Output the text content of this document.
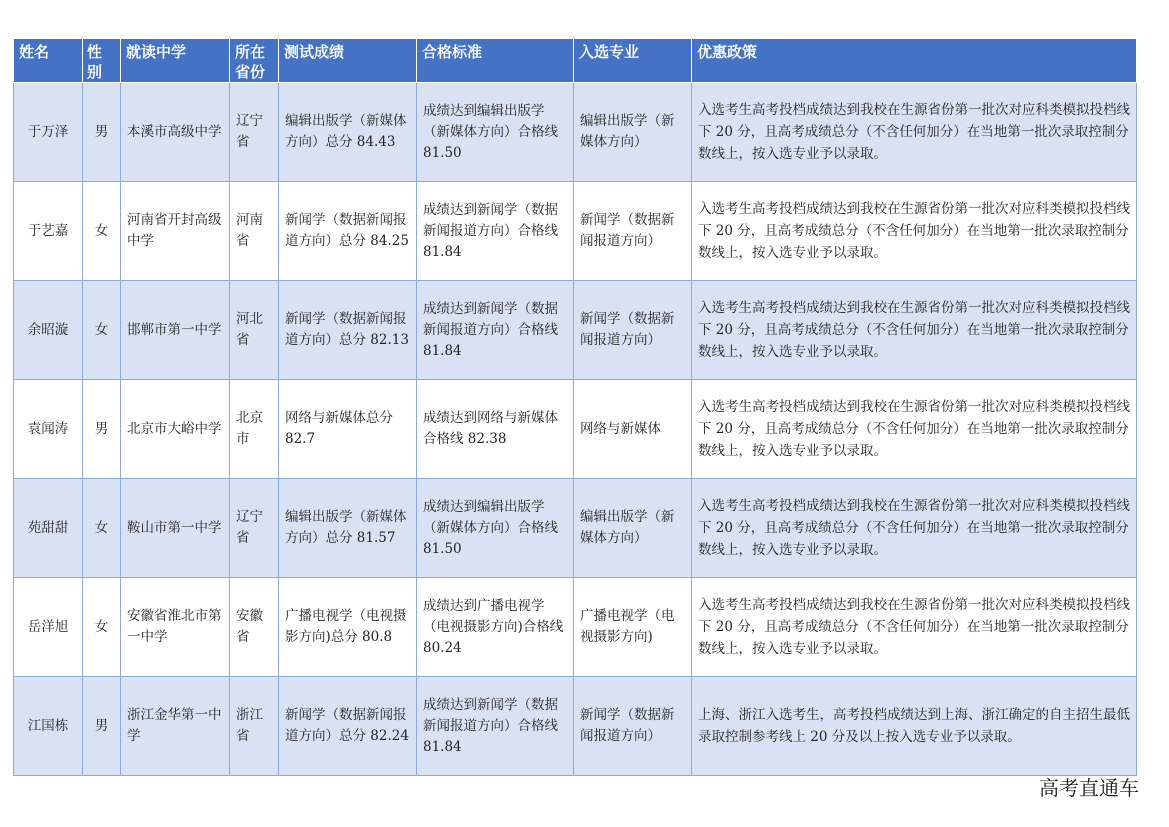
姓名	性别	就读中学	所在省份	测试成绩	合格标准	入选专业	优惠政策
于万泽	男	本溪市高级中学	辽宁省	编辑出版学（新媒体方向）总分 84.43	成绩达到编辑出版学（新媒体方向）合格线 81.50	编辑出版学（新媒体方向）	入选考生高考投档成绩达到我校在生源省份第一批次对应科类模拟投档线下 20 分，且高考成绩总分（不含任何加分）在当地第一批次录取控制分数线上，按入选专业予以录取。
于艺嘉	女	河南省开封高级中学	河南省	新闻学（数据新闻报道方向）总分 84.25	成绩达到新闻学（数据新闻报道方向）合格线 81.84	新闻学（数据新闻报道方向）	入选考生高考投档成绩达到我校在生源省份第一批次对应科类模拟投档线下 20 分，且高考成绩总分（不含任何加分）在当地第一批次录取控制分数线上，按入选专业予以录取。
余昭漩	女	邯郸市第一中学	河北省	新闻学（数据新闻报道方向）总分 82.13	成绩达到新闻学（数据新闻报道方向）合格线 81.84	新闻学（数据新闻报道方向）	入选考生高考投档成绩达到我校在生源省份第一批次对应科类模拟投档线下 20 分，且高考成绩总分（不含任何加分）在当地第一批次录取控制分数线上，按入选专业予以录取。
袁闻涛	男	北京市大峪中学	北京市	网络与新媒体总分 82.7	成绩达到网络与新媒体合格线 82.38	网络与新媒体	入选考生高考投档成绩达到我校在生源省份第一批次对应科类模拟投档线下 20 分，且高考成绩总分（不含任何加分）在当地第一批次录取控制分数线上，按入选专业予以录取。
苑甜甜	女	鞍山市第一中学	辽宁省	编辑出版学（新媒体方向）总分 81.57	成绩达到编辑出版学（新媒体方向）合格线 81.50	编辑出版学（新媒体方向）	入选考生高考投档成绩达到我校在生源省份第一批次对应科类模拟投档线下 20 分，且高考成绩总分（不含任何加分）在当地第一批次录取控制分数线上，按入选专业予以录取。
岳洋旭	女	安徽省淮北市第一中学	安徽省	广播电视学（电视摄影方向)总分 80.8	成绩达到广播电视学（电视摄影方向)合格线 80.24	广播电视学（电视摄影方向)	入选考生高考投档成绩达到我校在生源省份第一批次对应科类模拟投档线下 20 分，且高考成绩总分（不含任何加分）在当地第一批次录取控制分数线上，按入选专业予以录取。
江国栋	男	浙江金华第一中学	浙江省	新闻学（数据新闻报道方向）总分 82.24	成绩达到新闻学（数据新闻报道方向）合格线 81.84	新闻学（数据新闻报道方向）	上海、浙江入选考生，高考投档成绩达到上海、浙江确定的自主招生最低录取控制参考线上 20 分及以上按入选专业予以录取。
高考直通车
